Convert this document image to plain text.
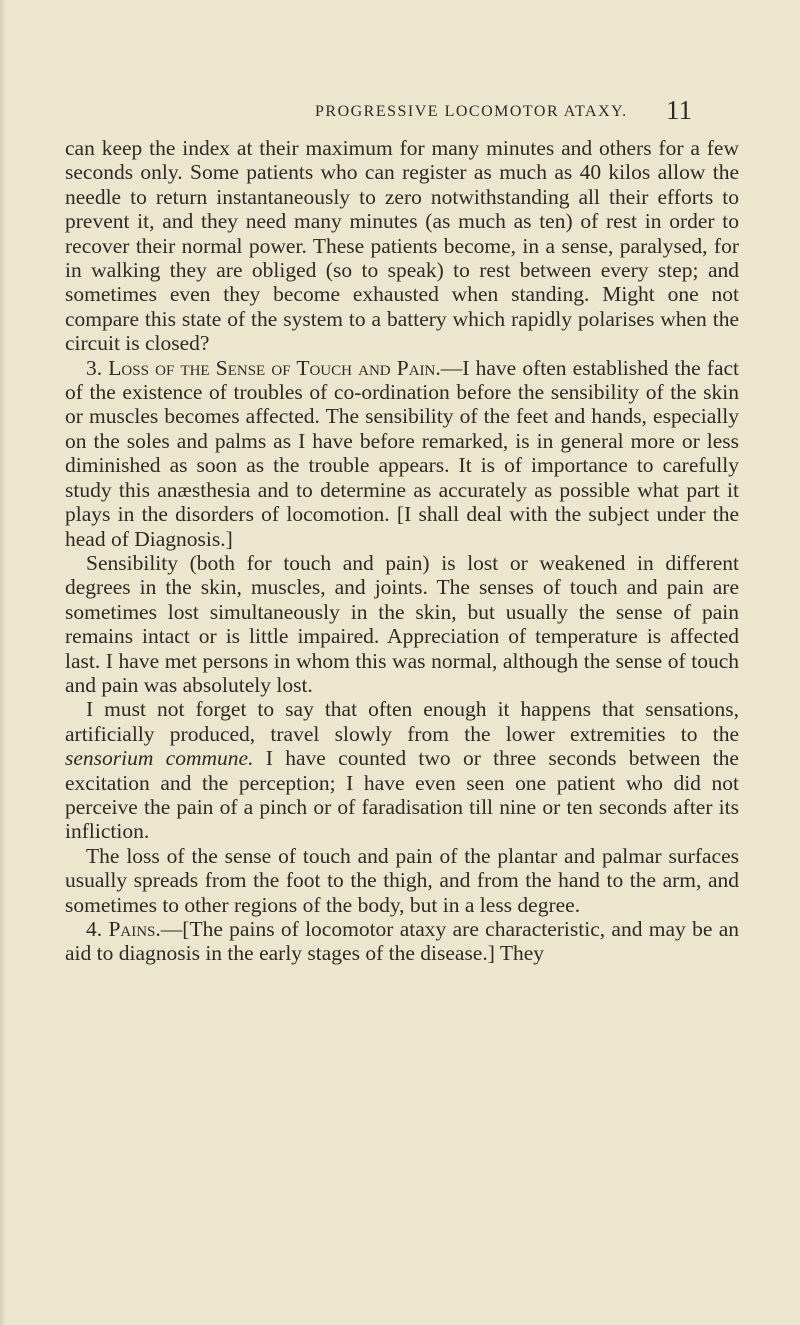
PROGRESSIVE LOCOMOTOR ATAXY. 11

can keep the index at their maximum for many minutes and others for a few seconds only. Some patients who can register as much as 40 kilos allow the needle to return instantaneously to zero notwithstanding all their efforts to prevent it, and they need many minutes (as much as ten) of rest in order to recover their normal power. These patients become, in a sense, paralysed, for in walking they are obliged (so to speak) to rest between every step; and sometimes even they become exhausted when standing. Might one not compare this state of the system to a battery which rapidly polarises when the circuit is closed?

3. Loss of the Sense of Touch and Pain.—I have often established the fact of the existence of troubles of co-ordination before the sensibility of the skin or muscles becomes affected. The sensibility of the feet and hands, especially on the soles and palms as I have before remarked, is in general more or less diminished as soon as the trouble appears. It is of importance to carefully study this anæsthesia and to determine as accurately as possible what part it plays in the disorders of locomotion. [I shall deal with the subject under the head of Diagnosis.]

Sensibility (both for touch and pain) is lost or weakened in different degrees in the skin, muscles, and joints. The senses of touch and pain are sometimes lost simultaneously in the skin, but usually the sense of pain remains intact or is little impaired. Appreciation of temperature is affected last. I have met persons in whom this was normal, although the sense of touch and pain was absolutely lost.

I must not forget to say that often enough it happens that sensations, artificially produced, travel slowly from the lower extremities to the sensorium commune. I have counted two or three seconds between the excitation and the perception; I have even seen one patient who did not perceive the pain of a pinch or of faradisation till nine or ten seconds after its infliction.

The loss of the sense of touch and pain of the plantar and palmar surfaces usually spreads from the foot to the thigh, and from the hand to the arm, and sometimes to other regions of the body, but in a less degree.

4. Pains.—[The pains of locomotor ataxy are characteristic, and may be an aid to diagnosis in the early stages of the disease.] They
